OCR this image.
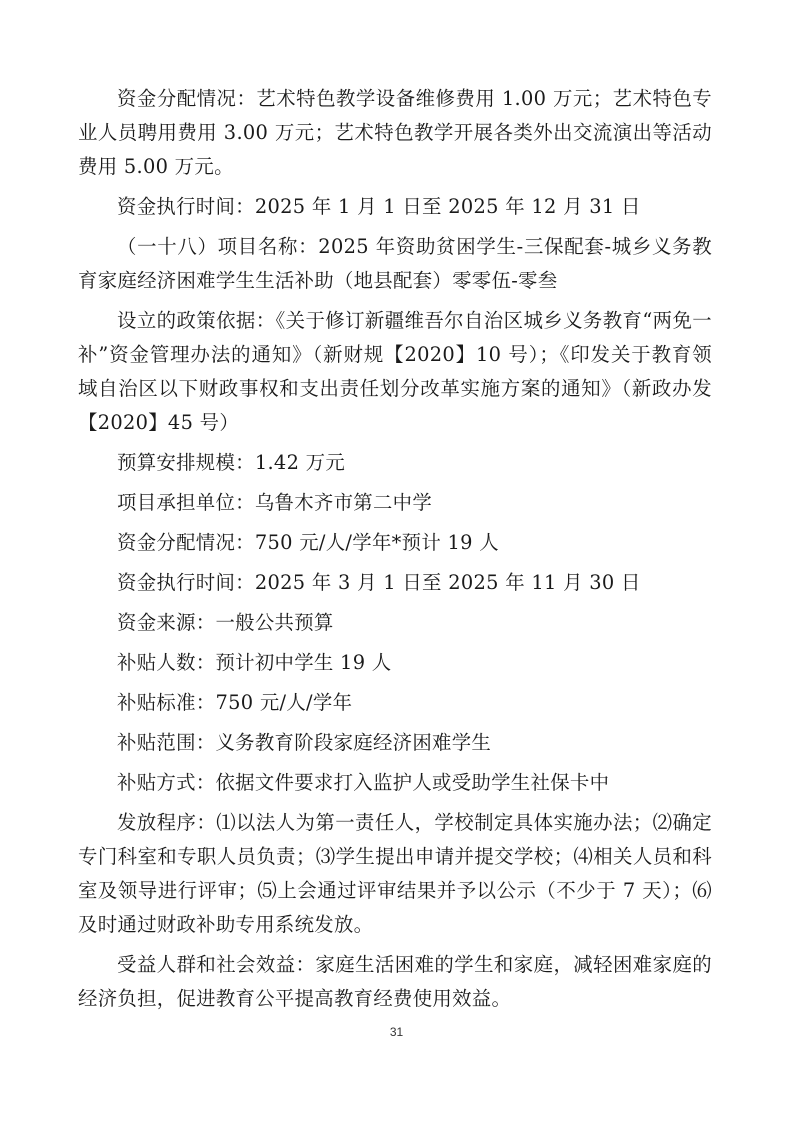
资金分配情况：艺术特色教学设备维修费用 1.00 万元；艺术特色专业人员聘用费用 3.00 万元；艺术特色教学开展各类外出交流演出等活动费用 5.00 万元。

资金执行时间：2025 年 1 月 1 日至 2025 年 12 月 31 日

（一十八）项目名称：2025 年资助贫困学生-三保配套-城乡义务教育家庭经济困难学生生活补助（地县配套）零零伍-零叁

设立的政策依据：《关于修订新疆维吾尔自治区城乡义务教育“两免一补”资金管理办法的通知》（新财规【2020】10 号）；《印发关于教育领域自治区以下财政事权和支出责任划分改革实施方案的通知》（新政办发【2020】45 号）

预算安排规模：1.42 万元

项目承担单位：乌鲁木齐市第二中学

资金分配情况：750 元/人/学年*预计 19 人

资金执行时间：2025 年 3 月 1 日至 2025 年 11 月 30 日

资金来源：一般公共预算

补贴人数：预计初中学生 19 人

补贴标准：750 元/人/学年

补贴范围：义务教育阶段家庭经济困难学生

补贴方式：依据文件要求打入监护人或受助学生社保卡中

发放程序：⑴以法人为第一责任人，学校制定具体实施办法；⑵确定专门科室和专职人员负责；⑶学生提出申请并提交学校；⑷相关人员和科室及领导进行评审；⑸上会通过评审结果并予以公示（不少于 7 天）；⑹及时通过财政补助专用系统发放。

受益人群和社会效益：家庭生活困难的学生和家庭，减轻困难家庭的经济负担，促进教育公平提高教育经费使用效益。

31
